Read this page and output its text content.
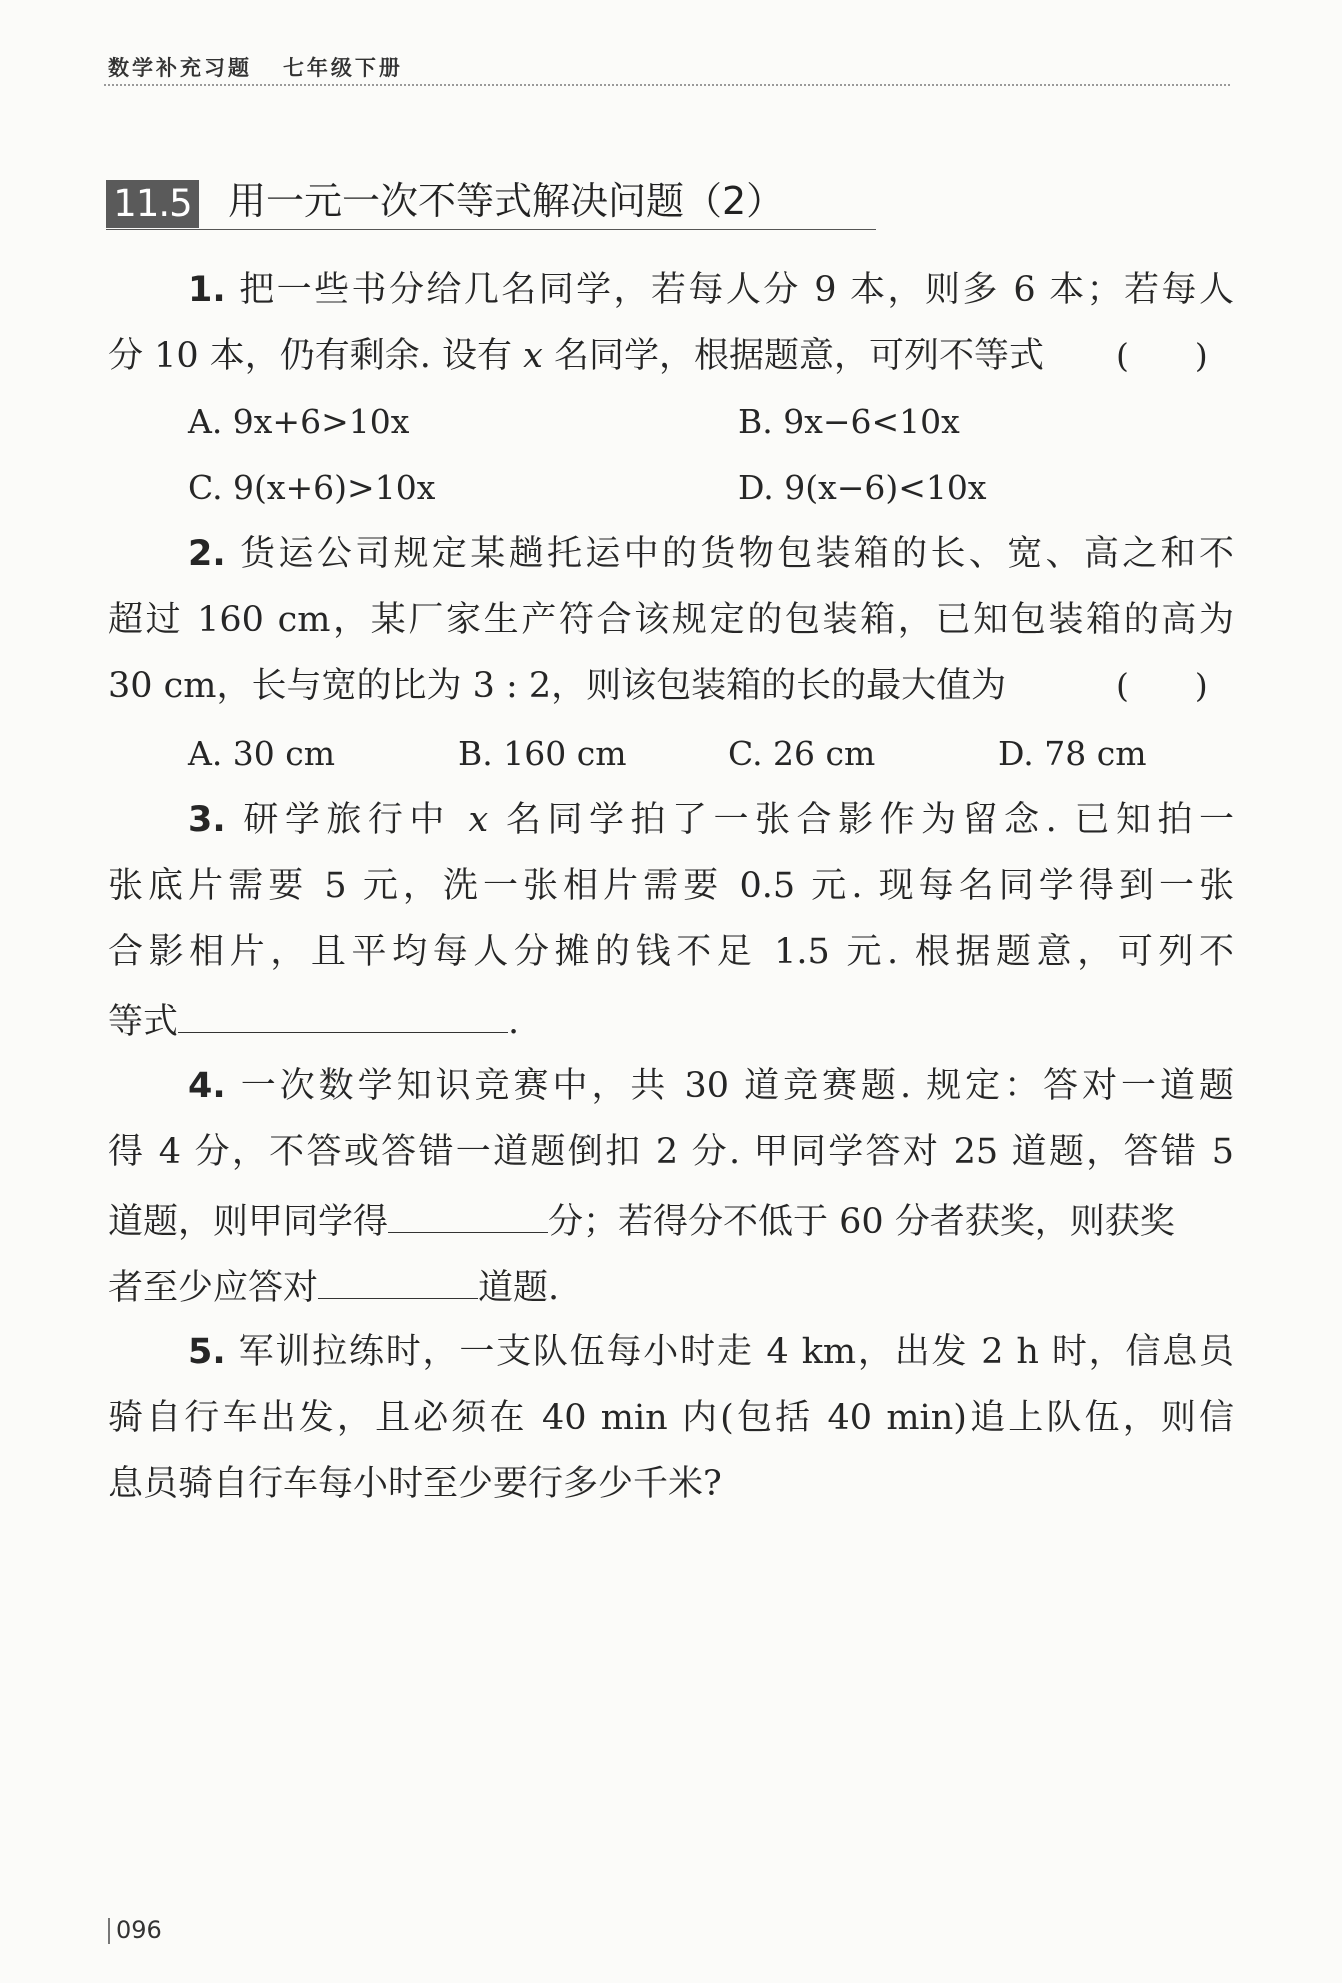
数学补充习题 七年级下册
11.5 用一元一次不等式解决问题（2）
1. 把一些书分给几名同学，若每人分 9 本，则多 6 本；若每人
分 10 本，仍有剩余. 设有 x 名同学，根据题意，可列不等式	(　　)
A. 9x+6>10x	B. 9x−6<10x
C. 9(x+6)>10x	D. 9(x−6)<10x
2. 货运公司规定某趟托运中的货物包装箱的长、宽、高之和不
超过 160 cm，某厂家生产符合该规定的包装箱，已知包装箱的高为
30 cm，长与宽的比为 3 : 2，则该包装箱的长的最大值为	(　　)
A. 30 cm	B. 160 cm	C. 26 cm	D. 78 cm
3. 研学旅行中 x 名同学拍了一张合影作为留念. 已知拍一
张底片需要 5 元，洗一张相片需要 0.5 元. 现每名同学得到一张
合影相片，且平均每人分摊的钱不足 1.5 元. 根据题意，可列不
等式	.
4. 一次数学知识竞赛中，共 30 道竞赛题. 规定：答对一道题
得 4 分，不答或答错一道题倒扣 2 分. 甲同学答对 25 道题，答错 5
道题，则甲同学得	分；若得分不低于 60 分者获奖，则获奖
者至少应答对	道题.
5. 军训拉练时，一支队伍每小时走 4 km，出发 2 h 时，信息员
骑自行车出发，且必须在 40 min 内(包括 40 min)追上队伍，则信
息员骑自行车每小时至少要行多少千米?
096
